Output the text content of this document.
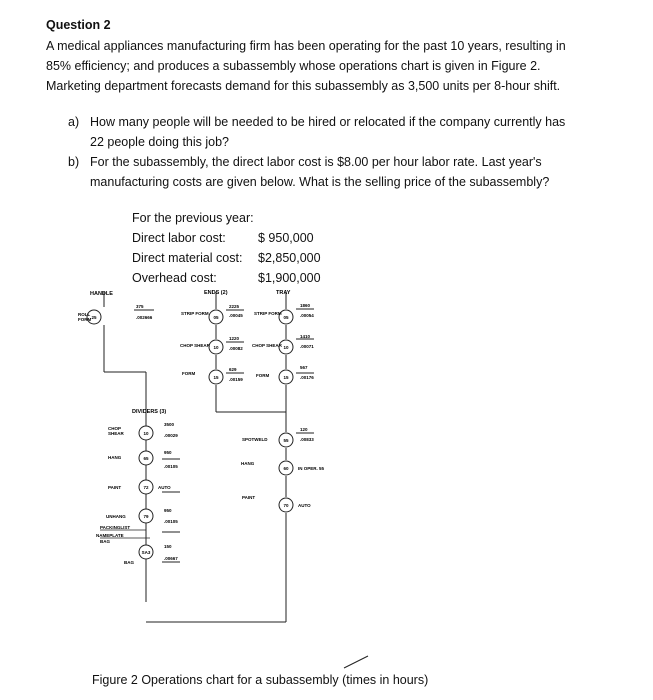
Question 2
A medical appliances manufacturing firm has been operating for the past 10 years, resulting in
85% efficiency; and produces a subassembly whose operations chart is given in Figure 2.
Marketing department forecasts demand for this subassembly as 3,500 units per 8-hour shift.
a) How many people will be needed to be hired or relocated if the company currently has
22 people doing this job?
b) For the subassembly, the direct labor cost is $8.00 per hour labor rate. Last year's
manufacturing costs are given below. What is the selling price of the subassembly?
For the previous year:
Direct labor cost:	$ 950,000
Direct material cost: $2,850,000
Overhead cost:	$1,900,000
HANDLE	ENDS (2)	TRAY
DIVIDERS (3)
25
ROLL FORM
375
.002666	05
STRIP FORM
2225
.00045
10
CHOP SHEAR
1220
.00082
15
FORM
629
.00159
05
STRIP FORM
1860
.00054
10
CHOP SHEAR
1410
.00071
15
FORM
567
.00176
55
SPOTWELD
120
.00833
60
HANG
IN OPER. 55
70
PAINT
AUTO
10
CHOP SHEAR
3500
.00029
65
HANG
950
.00105
72
PAINT	AUTO
79
UNHANG
950
.00105
PACKINGLIST
NAMEPLATE
BAG
SA3
BAG
150
.00667
Figure 2 Operations chart for a subassembly (times in hours)
